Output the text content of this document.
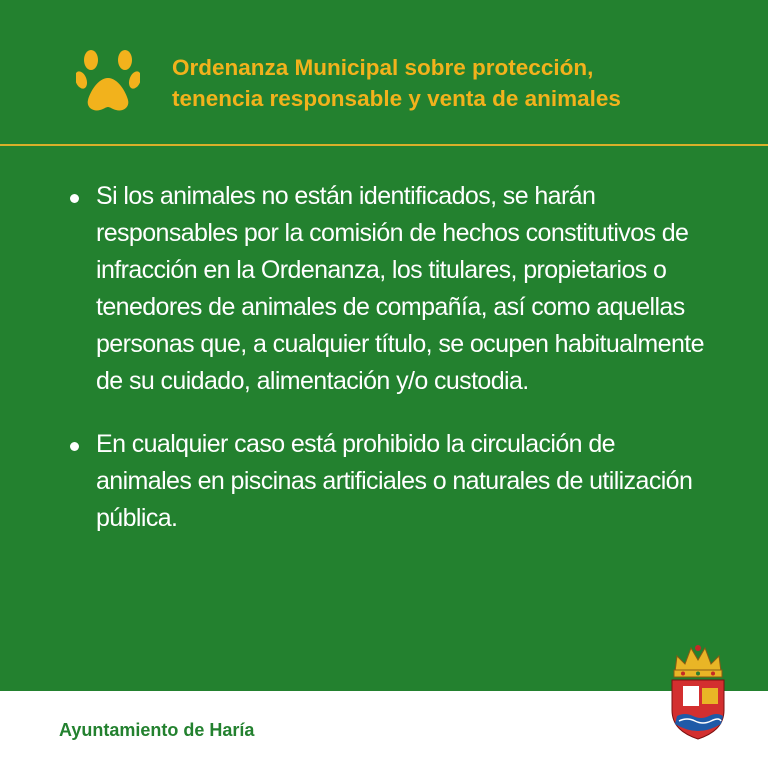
Ordenanza Municipal sobre protección,
tenencia responsable y venta de animales
Si los animales no están identificados, se harán responsables por la comisión de hechos constitutivos de infracción en la Ordenanza, los titulares, propietarios o tenedores de animales de compañía, así como aquellas personas que, a cualquier título, se ocupen habitualmente de su cuidado, alimentación y/o custodia.
En cualquier caso está prohibido la circulación de animales en piscinas artificiales o naturales de utilización pública.
Ayuntamiento de Haría
